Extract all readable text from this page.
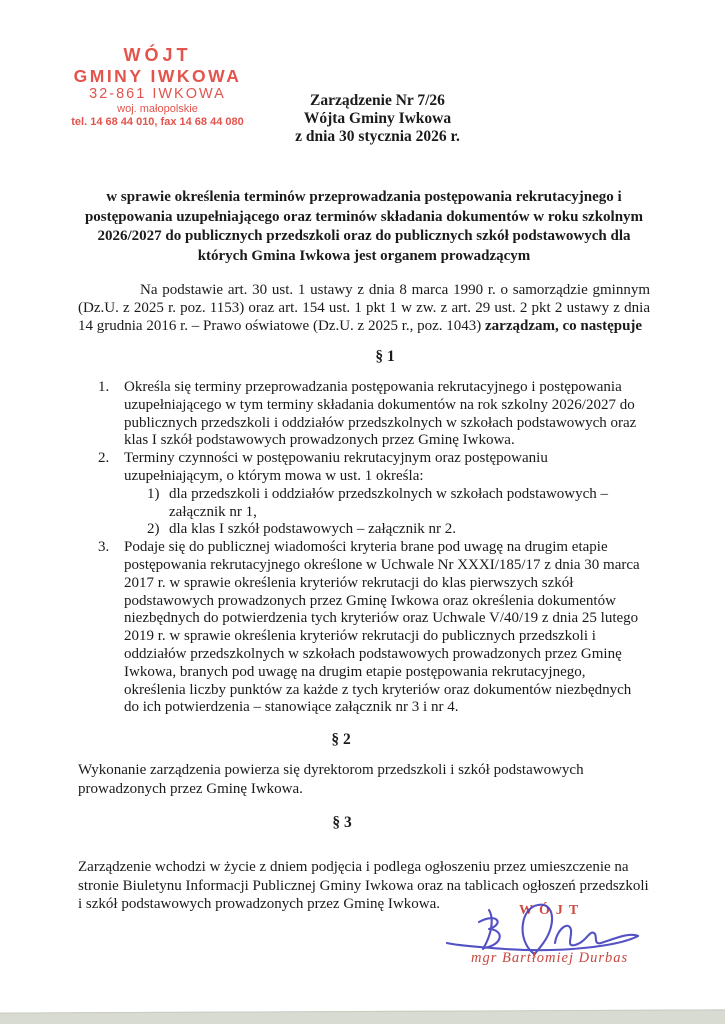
WÓJT
GMINY IWKOWA
32-861 IWKOWA
woj. małopolskie
tel. 14 68 44 010, fax 14 68 44 080
Zarządzenie Nr 7/26
Wójta Gminy Iwkowa
z dnia 30 stycznia 2026 r.
w sprawie określenia terminów przeprowadzania postępowania rekrutacyjnego i postępowania uzupełniającego oraz terminów składania dokumentów w roku szkolnym 2026/2027 do publicznych przedszkoli oraz do publicznych szkół podstawowych dla których Gmina Iwkowa jest organem prowadzącym
Na podstawie art. 30 ust. 1 ustawy z dnia 8 marca 1990 r. o samorządzie gminnym (Dz.U. z 2025 r. poz. 1153) oraz art. 154 ust. 1 pkt 1 w zw. z art. 29 ust. 2 pkt 2 ustawy z dnia 14 grudnia 2016 r. – Prawo oświatowe (Dz.U. z 2025 r., poz. 1043) zarządzam, co następuje
§ 1
1. Określa się terminy przeprowadzania postępowania rekrutacyjnego i postępowania uzupełniającego w tym terminy składania dokumentów na rok szkolny 2026/2027 do publicznych przedszkoli i oddziałów przedszkolnych w szkołach podstawowych oraz klas I szkół podstawowych prowadzonych przez Gminę Iwkowa.
2. Terminy czynności w postępowaniu rekrutacyjnym oraz postępowaniu uzupełniającym, o którym mowa w ust. 1 określa:
1) dla przedszkoli i oddziałów przedszkolnych w szkołach podstawowych – załącznik nr 1,
2) dla klas I szkół podstawowych – załącznik nr 2.
3. Podaje się do publicznej wiadomości kryteria brane pod uwagę na drugim etapie postępowania rekrutacyjnego określone w Uchwale Nr XXXI/185/17 z dnia 30 marca 2017 r. w sprawie określenia kryteriów rekrutacji do klas pierwszych szkół podstawowych prowadzonych przez Gminę Iwkowa oraz określenia dokumentów niezbędnych do potwierdzenia tych kryteriów oraz Uchwale V/40/19 z dnia 25 lutego 2019 r. w sprawie określenia kryteriów rekrutacji do publicznych przedszkoli i oddziałów przedszkolnych w szkołach podstawowych prowadzonych przez Gminę Iwkowa, branych pod uwagę na drugim etapie postępowania rekrutacyjnego, określenia liczby punktów za każde z tych kryteriów oraz dokumentów niezbędnych do ich potwierdzenia – stanowiące załącznik nr 3 i nr 4.
§ 2
Wykonanie zarządzenia powierza się dyrektorom przedszkoli i szkół podstawowych prowadzonych przez Gminę Iwkowa.
§ 3
Zarządzenie wchodzi w życie z dniem podjęcia i podlega ogłoszeniu przez umieszczenie na stronie Biuletynu Informacji Publicznej Gminy Iwkowa oraz na tablicach ogłoszeń przedszkoli i szkół podstawowych prowadzonych przez Gminę Iwkowa.	WÓJT
mgr Bartłomiej Durbas
